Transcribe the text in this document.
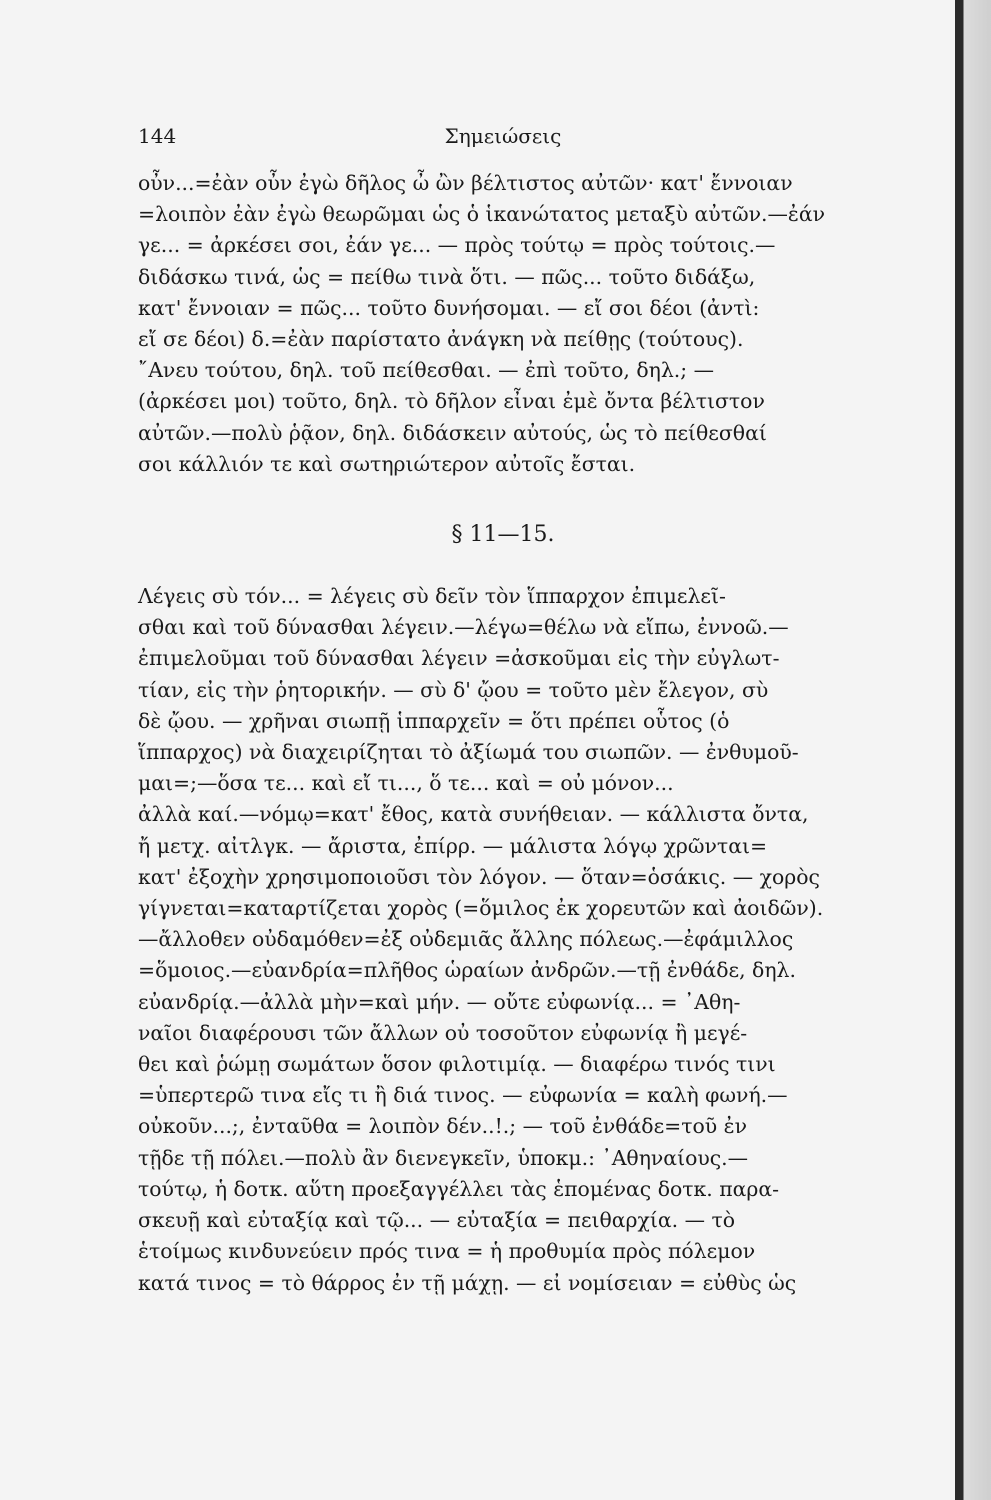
144	Σημειώσεις

οὖν...=ἐὰν οὖν ἐγὼ δῆλος ὦ ὢν βέλτιστος αὐτῶν· κατ' ἔννοιαν
=λοιπὸν ἐὰν ἐγὼ θεωρῶμαι ὡς ὁ ἱκανώτατος μεταξὺ αὐτῶν.—ἐάν
γε... = ἀρκέσει σοι, ἐάν γε... — πρὸς τούτῳ = πρὸς τούτοις.—
διδάσκω τινά, ὡς = πείθω τινὰ ὅτι. — πῶς... τοῦτο διδάξω,
κατ' ἔννοιαν = πῶς... τοῦτο δυνήσομαι. — εἴ σοι δέοι (ἀντὶ:
εἴ σε δέοι) δ.=ἐὰν παρίστατο ἀνάγκη νὰ πείθῃς (τούτους).
῎Ανευ τούτου, δηλ. τοῦ πείθεσθαι. — ἐπὶ τοῦτο, δηλ.; —
(ἀρκέσει μοι) τοῦτο, δηλ. τὸ δῆλον εἶναι ἐμὲ ὄντα βέλτιστον
αὐτῶν.—πολὺ ῥᾷον, δηλ. διδάσκειν αὐτούς, ὡς τὸ πείθεσθαί
σοι κάλλιόν τε καὶ σωτηριώτερον αὐτοῖς ἔσται.

§ 11—15.

Λέγεις σὺ τόν... = λέγεις σὺ δεῖν τὸν ἵππαρχον ἐπιμελεῖ-
σθαι καὶ τοῦ δύνασθαι λέγειν.—λέγω=θέλω νὰ εἴπω, ἐννοῶ.—
ἐπιμελοῦμαι τοῦ δύνασθαι λέγειν =ἀσκοῦμαι εἰς τὴν εὐγλωτ-
τίαν, εἰς τὴν ῥητορικήν. — σὺ δ' ᾤου = τοῦτο μὲν ἔλεγον, σὺ
δὲ ᾤου. — χρῆναι σιωπῇ ἱππαρχεῖν = ὅτι πρέπει οὗτος (ὁ
ἵππαρχος) νὰ διαχειρίζηται τὸ ἀξίωμά του σιωπῶν. — ἐνθυμοῦ-
μαι=;—ὅσα τε... καὶ εἴ τι..., ὅ τε... καὶ = οὐ μόνον...
ἀλλὰ καί.—νόμῳ=κατ' ἔθος, κατὰ συνήθειαν. — κάλλιστα ὄντα,
ἤ μετχ. αἰτλγκ. — ἄριστα, ἐπίρρ. — μάλιστα λόγῳ χρῶνται=
κατ' ἐξοχὴν χρησιμοποιοῦσι τὸν λόγον. — ὅταν=ὁσάκις. — χορὸς
γίγνεται=καταρτίζεται χορὸς (=ὅμιλος ἐκ χορευτῶν καὶ ἀοιδῶν).
—ἄλλοθεν οὐδαμόθεν=ἐξ οὐδεμιᾶς ἄλλης πόλεως.—ἐφάμιλλος
=ὅμοιος.—εὐανδρία=πλῆθος ὡραίων ἀνδρῶν.—τῇ ἐνθάδε, δηλ.
εὐανδρίᾳ.—ἀλλὰ μὴν=καὶ μήν. — οὔτε εὐφωνίᾳ... = ᾽Αθη-
ναῖοι διαφέρουσι τῶν ἄλλων οὐ τοσοῦτον εὐφωνίᾳ ἢ μεγέ-
θει καὶ ῥώμῃ σωμάτων ὅσον φιλοτιμίᾳ. — διαφέρω τινός τινι
=ὑπερτερῶ τινα εἴς τι ἢ διά τινος. — εὐφωνία = καλὴ φωνή.—
οὐκοῦν...;, ἐνταῦθα = λοιπὸν δέν..!.; — τοῦ ἐνθάδε=τοῦ ἐν
τῇδε τῇ πόλει.—πολὺ ἂν διενεγκεῖν, ὑποκμ.: ᾽Αθηναίους.—
τούτῳ, ἡ δοτκ. αὕτη προεξαγγέλλει τὰς ἑπομένας δοτκ. παρα-
σκευῇ καὶ εὐταξίᾳ καὶ τῷ... — εὐταξία = πειθαρχία. — τὸ
ἑτοίμως κινδυνεύειν πρός τινα = ἡ προθυμία πρὸς πόλεμον
κατά τινος = τὸ θάρρος ἐν τῇ μάχῃ. — εἰ νομίσειαν = εὐθὺς ὡς
